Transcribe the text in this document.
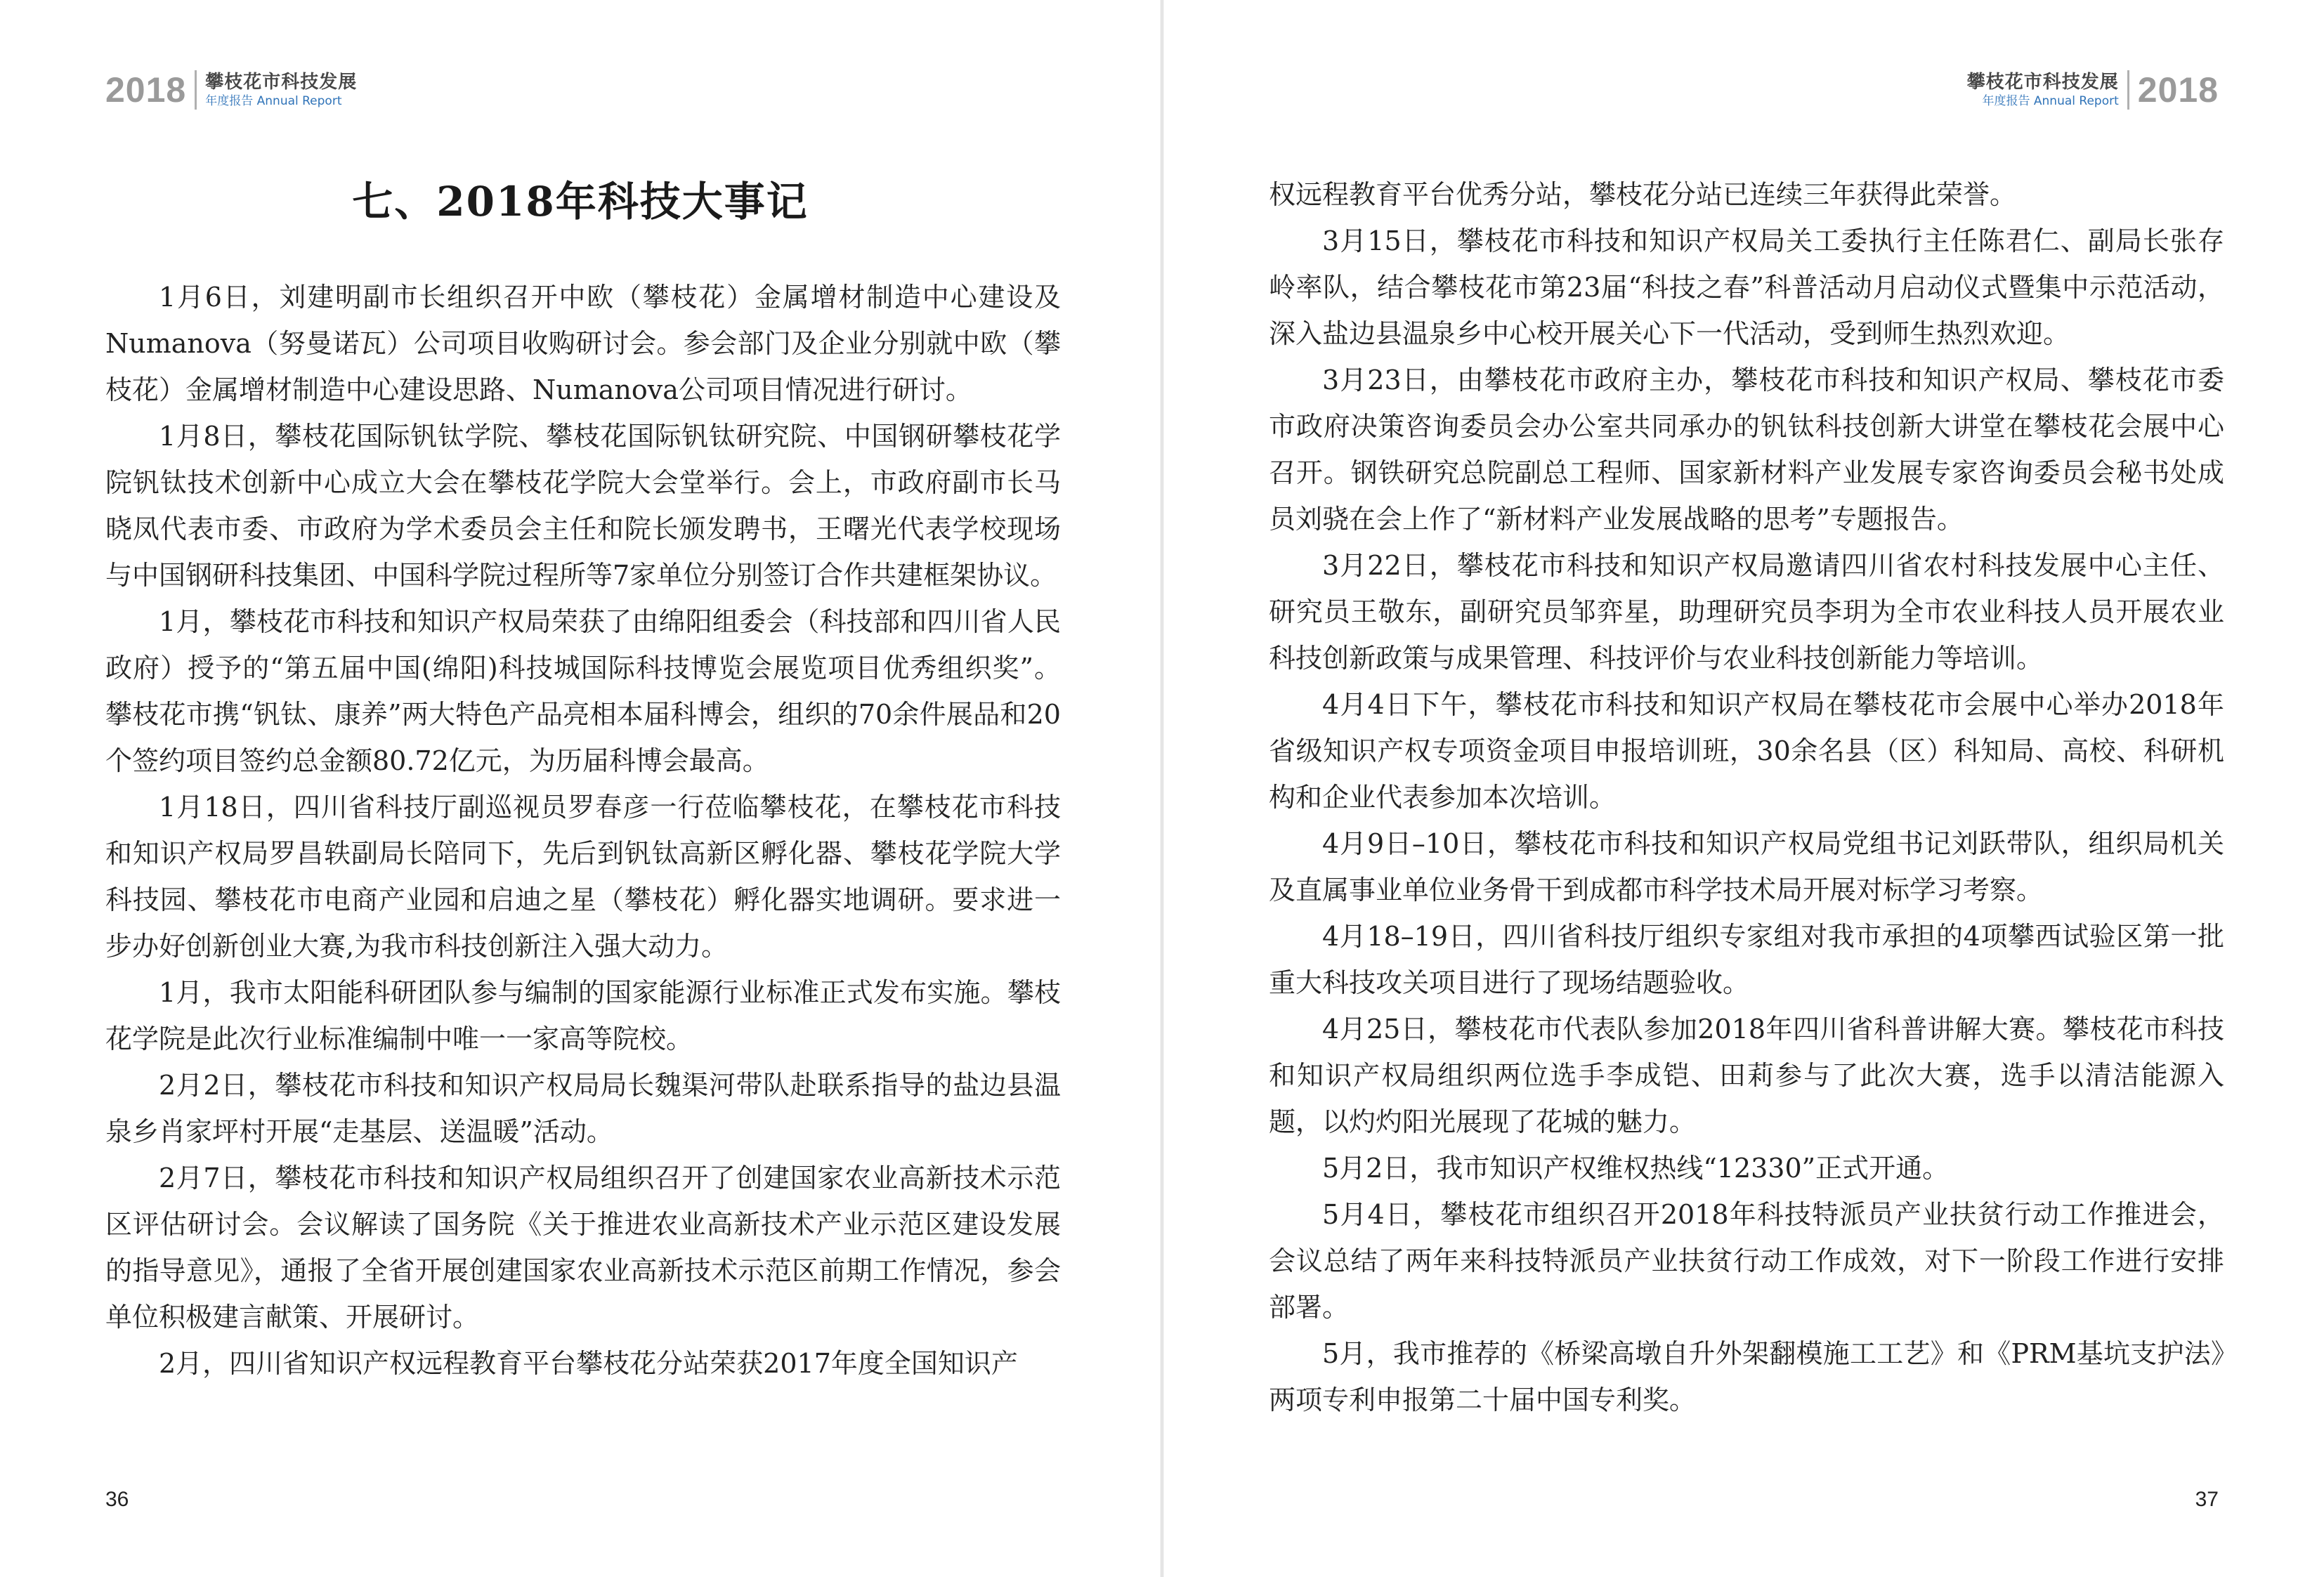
2018 攀枝花市科技发展
年度报告 Annual Report
七、2018年科技大事记

1月6日，刘建明副市长组织召开中欧（攀枝花）金属增材制造中心建设及Numanova（努曼诺瓦）公司项目收购研讨会。参会部门及企业分别就中欧（攀枝花）金属增材制造中心建设思路、Numanova公司项目情况进行研讨。

1月8日，攀枝花国际钒钛学院、攀枝花国际钒钛研究院、中国钢研攀枝花学院钒钛技术创新中心成立大会在攀枝花学院大会堂举行。会上，市政府副市长马晓凤代表市委、市政府为学术委员会主任和院长颁发聘书，王曙光代表学校现场与中国钢研科技集团、中国科学院过程所等7家单位分别签订合作共建框架协议。

1月，攀枝花市科技和知识产权局荣获了由绵阳组委会（科技部和四川省人民政府）授予的“第五届中国(绵阳)科技城国际科技博览会展览项目优秀组织奖”。攀枝花市携“钒钛、康养”两大特色产品亮相本届科博会，组织的70余件展品和20个签约项目签约总金额80.72亿元，为历届科博会最高。

1月18日，四川省科技厅副巡视员罗春彦一行莅临攀枝花，在攀枝花市科技和知识产权局罗昌轶副局长陪同下，先后到钒钛高新区孵化器、攀枝花学院大学科技园、攀枝花市电商产业园和启迪之星（攀枝花）孵化器实地调研。要求进一步办好创新创业大赛,为我市科技创新注入强大动力。

1月，我市太阳能科研团队参与编制的国家能源行业标准正式发布实施。攀枝花学院是此次行业标准编制中唯一一家高等院校。

2月2日，攀枝花市科技和知识产权局局长魏渠河带队赴联系指导的盐边县温泉乡肖家坪村开展“走基层、送温暖”活动。

2月7日，攀枝花市科技和知识产权局组织召开了创建国家农业高新技术示范区评估研讨会。会议解读了国务院《关于推进农业高新技术产业示范区建设发展的指导意见》，通报了全省开展创建国家农业高新技术示范区前期工作情况，参会单位积极建言献策、开展研讨。

2月，四川省知识产权远程教育平台攀枝花分站荣获2017年度全国知识产

36
攀枝花市科技发展
年度报告 Annual Report 2018

权远程教育平台优秀分站，攀枝花分站已连续三年获得此荣誉。

3月15日，攀枝花市科技和知识产权局关工委执行主任陈君仁、副局长张存岭率队，结合攀枝花市第23届“科技之春”科普活动月启动仪式暨集中示范活动，深入盐边县温泉乡中心校开展关心下一代活动，受到师生热烈欢迎。

3月23日，由攀枝花市政府主办，攀枝花市科技和知识产权局、攀枝花市委市政府决策咨询委员会办公室共同承办的钒钛科技创新大讲堂在攀枝花会展中心召开。钢铁研究总院副总工程师、国家新材料产业发展专家咨询委员会秘书处成员刘骁在会上作了“新材料产业发展战略的思考”专题报告。

3月22日，攀枝花市科技和知识产权局邀请四川省农村科技发展中心主任、研究员王敬东，副研究员邹弈星，助理研究员李玥为全市农业科技人员开展农业科技创新政策与成果管理、科技评价与农业科技创新能力等培训。

4月4日下午，攀枝花市科技和知识产权局在攀枝花市会展中心举办2018年省级知识产权专项资金项目申报培训班，30余名县（区）科知局、高校、科研机构和企业代表参加本次培训。

4月9日–10日，攀枝花市科技和知识产权局党组书记刘跃带队，组织局机关及直属事业单位业务骨干到成都市科学技术局开展对标学习考察。

4月18–19日，四川省科技厅组织专家组对我市承担的4项攀西试验区第一批重大科技攻关项目进行了现场结题验收。

4月25日，攀枝花市代表队参加2018年四川省科普讲解大赛。攀枝花市科技和知识产权局组织两位选手李成铠、田莉参与了此次大赛，选手以清洁能源入题，以灼灼阳光展现了花城的魅力。

5月2日，我市知识产权维权热线“12330”正式开通。

5月4日，攀枝花市组织召开2018年科技特派员产业扶贫行动工作推进会，会议总结了两年来科技特派员产业扶贫行动工作成效，对下一阶段工作进行安排部署。

5月，我市推荐的《桥梁高墩自升外架翻模施工工艺》和《PRM基坑支护法》两项专利申报第二十届中国专利奖。

37
